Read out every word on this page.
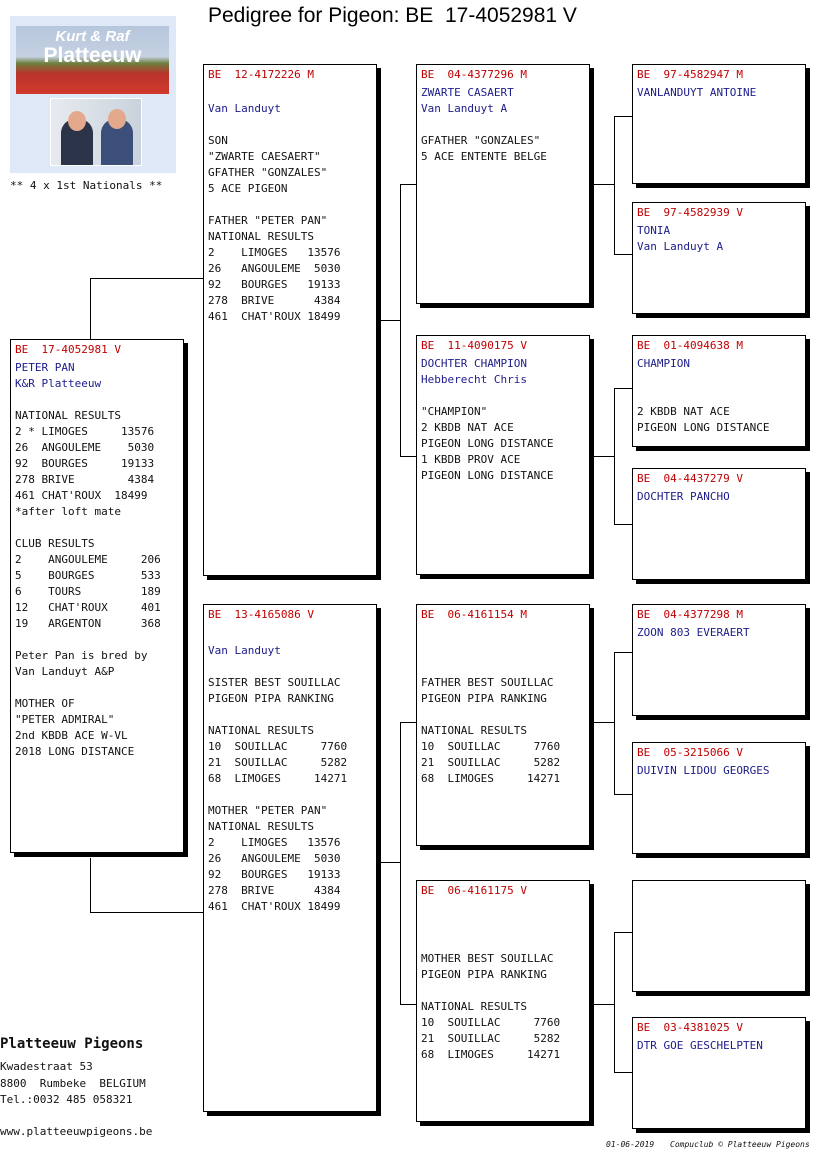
Pedigree for Pigeon: BE  17-4052981 V
Kurt & Raf
Platteeuw
** 4 x 1st Nationals **
BE  17-4052981 V
PETER PAN
K&R Platteeuw
NATIONAL RESULTS
2 * LIMOGES     13576
26  ANGOULEME    5030
92  BOURGES     19133
278 BRIVE        4384
461 CHAT'ROUX  18499
*after loft mate

CLUB RESULTS
2    ANGOULEME     206
5    BOURGES       533
6    TOURS         189
12   CHAT'ROUX     401
19   ARGENTON      368

Peter Pan is bred by
Van Landuyt A&P

MOTHER OF
"PETER ADMIRAL"
2nd KBDB ACE W-VL
2018 LONG DISTANCE
BE  12-4172226 M
Van Landuyt
SON
"ZWARTE CAESAERT"
GFATHER "GONZALES"
5 ACE PIGEON

FATHER "PETER PAN"
NATIONAL RESULTS
2    LIMOGES   13576
26   ANGOULEME  5030
92   BOURGES   19133
278  BRIVE      4384
461  CHAT'ROUX 18499
BE  13-4165086 V
Van Landuyt
SISTER BEST SOUILLAC
PIGEON PIPA RANKING

NATIONAL RESULTS
10  SOUILLAC     7760
21  SOUILLAC     5282
68  LIMOGES     14271

MOTHER "PETER PAN"
NATIONAL RESULTS
2    LIMOGES   13576
26   ANGOULEME  5030
92   BOURGES   19133
278  BRIVE      4384
461  CHAT'ROUX 18499
BE  04-4377296 M
ZWARTE CASAERT
Van Landuyt A
GFATHER "GONZALES"
5 ACE ENTENTE BELGE
BE  11-4090175 V
DOCHTER CHAMPION
Hebberecht Chris
"CHAMPION"
2 KBDB NAT ACE
PIGEON LONG DISTANCE
1 KBDB PROV ACE
PIGEON LONG DISTANCE
BE  06-4161154 M
FATHER BEST SOUILLAC
PIGEON PIPA RANKING

NATIONAL RESULTS
10  SOUILLAC     7760
21  SOUILLAC     5282
68  LIMOGES     14271
BE  06-4161175 V
MOTHER BEST SOUILLAC
PIGEON PIPA RANKING

NATIONAL RESULTS
10  SOUILLAC     7760
21  SOUILLAC     5282
68  LIMOGES     14271
BE  97-4582947 M
VANLANDUYT ANTOINE
BE  97-4582939 V
TONIA
Van Landuyt A
BE  01-4094638 M
CHAMPION
2 KBDB NAT ACE
PIGEON LONG DISTANCE
BE  04-4437279 V
DOCHTER PANCHO
BE  04-4377298 M
ZOON 803 EVERAERT
BE  05-3215066 V
DUIVIN LIDOU GEORGES
BE  03-4381025 V
DTR GOE GESCHELPTEN
Platteeuw Pigeons
Kwadestraat 53
8800  Rumbeke  BELGIUM
Tel.:0032 485 058321
www.platteeuwpigeons.be
01-06-2019 Compuclub © Platteeuw Pigeons
